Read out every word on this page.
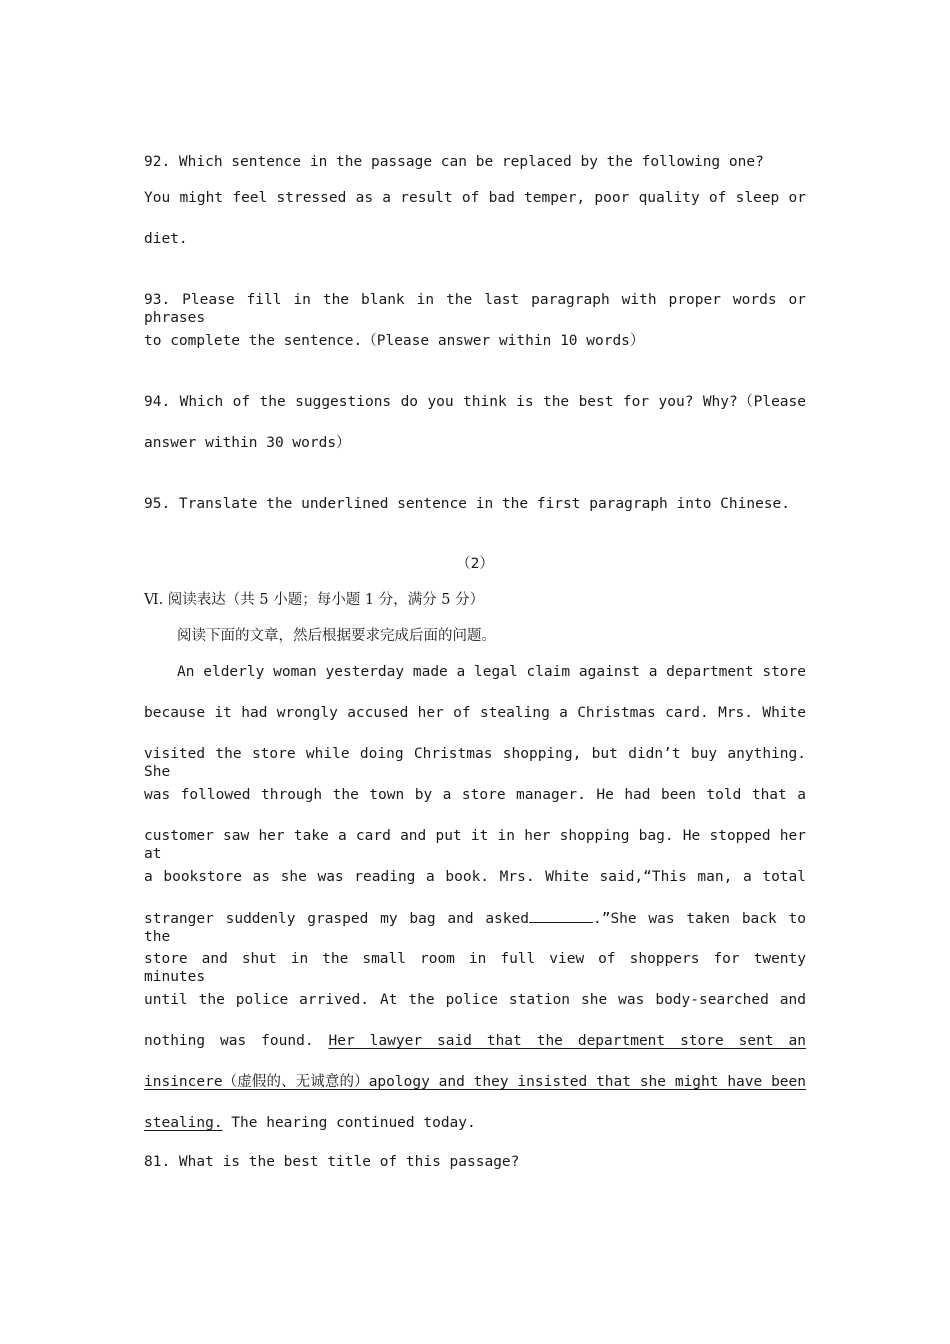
92. Which sentence in the passage can be replaced by the following one?
You might feel stressed as a result of bad temper, poor quality of sleep or
diet.
93. Please fill in the blank in the last paragraph with proper words or phrases
to complete the sentence.（Please answer within 10 words）
94. Which of the suggestions do you think is the best for you? Why?（Please
answer within 30 words）
95. Translate the underlined sentence in the first paragraph into Chinese.
（2）
Ⅵ. 阅读表达（共 5 小题；每小题 1 分，满分 5 分）
阅读下面的文章，然后根据要求完成后面的问题。
An elderly woman yesterday made a legal claim against a department store
because it had wrongly accused her of stealing a Christmas card. Mrs. White
visited the store while doing Christmas shopping, but didn’t buy anything. She
was followed through the town by a store manager. He had been told that a
customer saw her take a card and put it in her shopping bag. He stopped her at
a bookstore as she was reading a book. Mrs. White said,“This man, a total
stranger suddenly grasped my bag and asked	.”She was taken back to the
store and shut in the small room in full view of shoppers for twenty minutes
until the police arrived. At the police station she was body-searched and
nothing was found. Her lawyer said that the department store sent an
insincere（虚假的、无诚意的）apology and they insisted that she might have been
stealing. The hearing continued today.
81. What is the best title of this passage?
